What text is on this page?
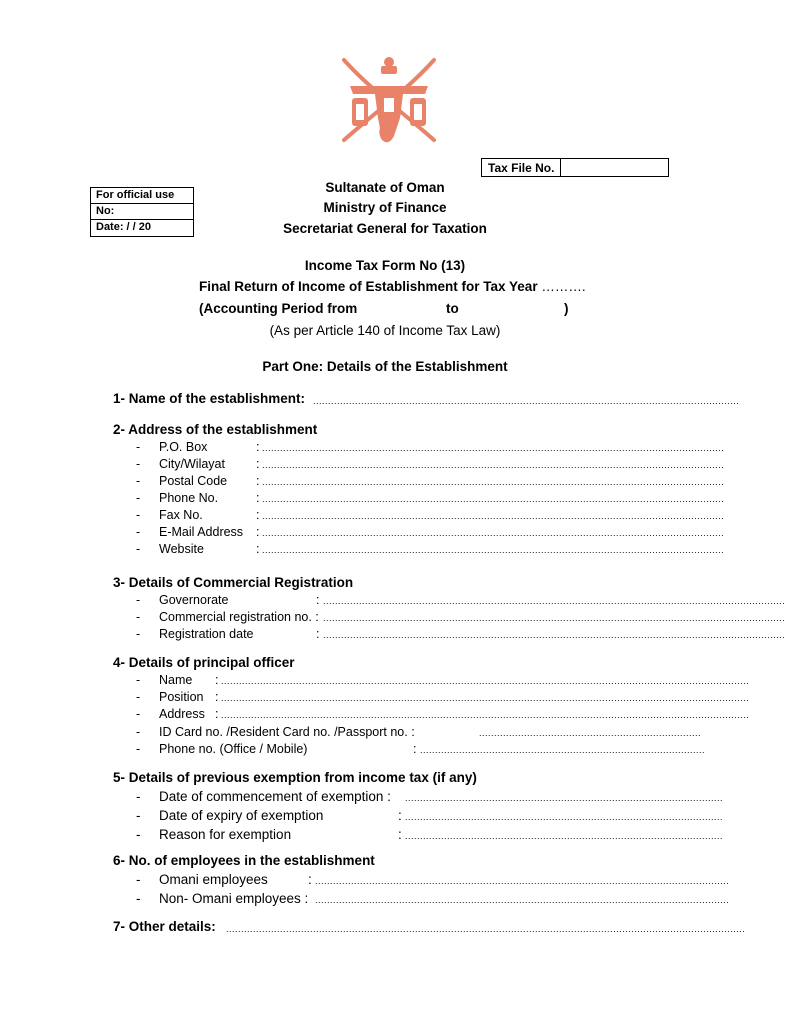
Tax File No.
For official use
No:
Date: / / 20
Sultanate of Oman
Ministry of Finance
Secretariat General for Taxation
Income Tax Form No (13)
Final Return of Income of Establishment for Tax Year ……….
(Accounting Period from	to	)
(As per Article 140 of Income Tax Law)
Part One: Details of the Establishment
1- Name of the establishment: ..............................................................................................................................................
2- Address of the establishment
- P.O. Box	: ..........................................................................................................................................................
- City/Wilayat : ..........................................................................................................................................................
- Postal Code : ..........................................................................................................................................................
- Phone No.	: ..........................................................................................................................................................
- Fax No.	: ..........................................................................................................................................................
- E-Mail Address : ..........................................................................................................................................................
- Website	: ..........................................................................................................................................................
3- Details of Commercial Registration
- Governorate	: ..........................................................................................................................................................
- Commercial registration no. : ..........................................................................................................................................................
- Registration date	: ..........................................................................................................................................................
4- Details of principal officer
- Name : ................................................................................................................................................................................
- Position : ................................................................................................................................................................................
- Address : ................................................................................................................................................................................
- ID Card no. /Resident Card no. /Passport no. :	..........................................................................
- Phone no. (Office / Mobile)	: ...............................................................................................
5- Details of previous exemption from income tax (if any)
- Date of commencement of exemption : ..........................................................................................................
- Date of expiry of exemption	: ..........................................................................................................
- Reason for exemption	: ..........................................................................................................
6- No. of employees in the establishment
- Omani employees	: ..........................................................................................................................................
- Non- Omani employees : ..........................................................................................................................................
7- Other details: .............................................................................................................................................................................
